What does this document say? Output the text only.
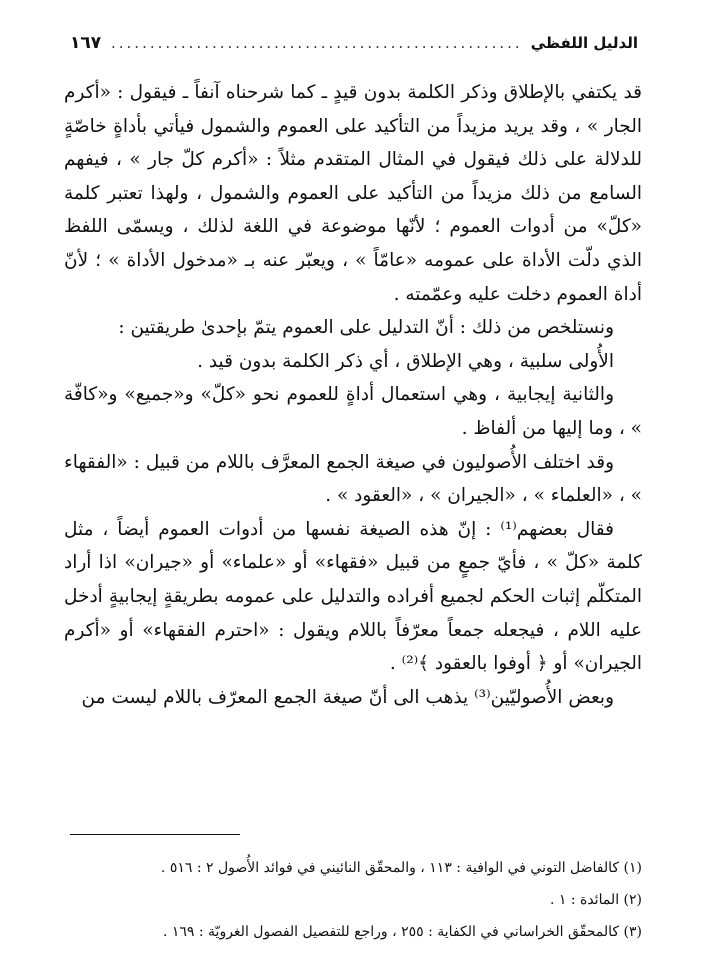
الدليل اللفظي
.....
١٦٧

قد يكتفي بالإطلاق وذكر الكلمة بدون قيدٍ ـ كما شرحناه آنفاً ـ فيقول : «أكرم الجار » ، وقد يريد مزيداً من التأكيد على العموم والشمول فيأتي بأداةٍ خاصّةٍ للدلالة على ذلك فيقول في المثال المتقدم مثلاً : «أكرم كلّ جار » ، فيفهم السامع من ذلك مزيداً من التأكيد على العموم والشمول ، ولهذا تعتبر كلمة «كلّ» من أدوات العموم ؛ لأنّها موضوعة في اللغة لذلك ، ويسمّى اللفظ الذي دلّت الأداة على عمومه «عامّاً » ، ويعبّر عنه بـ «مدخول الأداة » ؛ لأنّ أداة العموم دخلت عليه وعمّمته .

ونستلخص من ذلك : أنّ التدليل على العموم يتمّ بإحدىٰ طريقتين :

الأُولى سلبية ، وهي الإطلاق ، أي ذكر الكلمة بدون قيد .

والثانية إيجابية ، وهي استعمال أداةٍ للعموم نحو «كلّ» و«جميع» و«كافّة » ، وما إليها من ألفاظ .

وقد اختلف الأُصوليون في صيغة الجمع المعرَّف باللام من قبيل : «الفقهاء » ، «العلماء » ، «الجيران » ، «العقود » .

فقال بعضهم⁽¹⁾ : إنّ هذه الصيغة نفسها من أدوات العموم أيضاً ، مثل كلمة «كلّ » ، فأيّ جمعٍ من قبيل «فقهاء» أو «علماء» أو «جيران» اذا أراد المتكلّم إثبات الحكم لجميع أفراده والتدليل على عمومه بطريقةٍ إيجابيةٍ أدخل عليه اللام ، فيجعله جمعاً معرّفاً باللام ويقول : «احترم الفقهاء» أو «أكرم الجيران» أو ﴿ أوفوا بالعقود ﴾⁽²⁾ .

وبعض الأُصوليّين⁽³⁾ يذهب الى أنّ صيغة الجمع المعرّف باللام ليست من

(١) كالفاضل التوني في الوافية : ١١٣ ، والمحقّق النائيني في فوائد الأُصول ٢ : ٥١٦ .

(٢) المائدة : ١ .

(٣) كالمحقّق الخراساني في الكفاية : ٢٥٥ ، وراجع للتفصيل الفصول الغرويّة : ١٦٩ .
